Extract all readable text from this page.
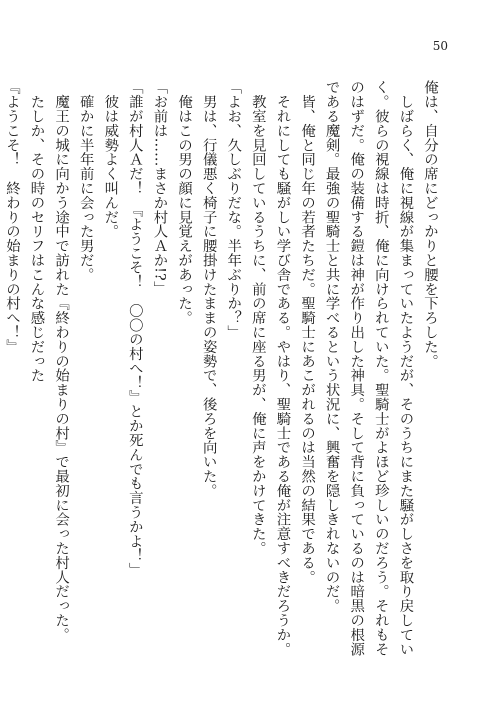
50
俺は、自分の席にどっかりと腰を下ろした。
　しばらく、俺に視線が集まっていたようだが、そのうちにまた騒がしさを取り戻してい
く。彼らの視線は時折、俺に向けられていた。聖騎士がよほど珍しいのだろう。それもそ
のはずだ。俺の装備する鎧は神が作り出した神具。そして背に負っているのは暗黒の根源
である魔剣。最強の聖騎士と共に学べるという状況に、興奮を隠しきれないのだ。
　皆、俺と同じ年の若者たちだ。聖騎士にあこがれるのは当然の結果である。
　それにしても騒がしい学び舎である。やはり、聖騎士である俺が注意すべきだろうか。
　教室を見回しているうちに、前の席に座る男が、俺に声をかけてきた。
「よお、久しぶりだな。半年ぶりか？」
　男は、行儀悪く椅子に腰掛けたままの姿勢で、後ろを向いた。
　俺はこの男の顔に見覚えがあった。
「お前は……まさか村人Ａか!?」
「誰が村人Ａだ！　『ようこそ！　〇〇の村へ！』とか死んでも言うかよ！」
　彼は威勢よく叫んだ。
　確かに半年前に会った男だ。
　魔王の城に向かう途中で訪れた『終わりの始まりの村』で最初に会った村人だった。
　たしか、その時のセリフはこんな感じだった
『ようこそ！　終わりの始まりの村へ！』
